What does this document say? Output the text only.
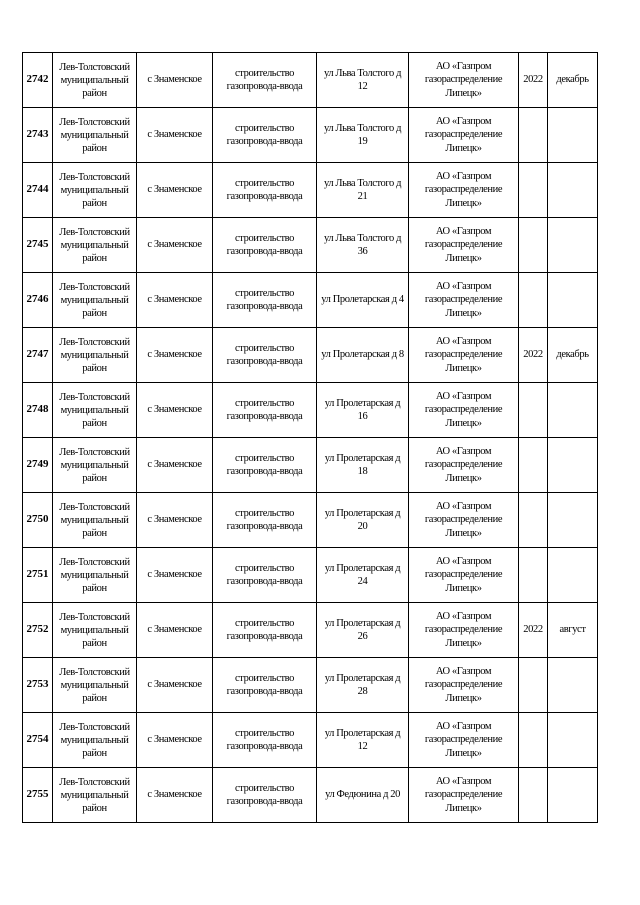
2742	Лев-Толстовский муниципальный район	с Знаменское	строительство газопровода-ввода	ул Льва Толстого д 12	АО «Газпром газораспределение Липецк»	2022	декабрь
2743	Лев-Толстовский муниципальный район	с Знаменское	строительство газопровода-ввода	ул Льва Толстого д 19	АО «Газпром газораспределение Липецк»		
2744	Лев-Толстовский муниципальный район	с Знаменское	строительство газопровода-ввода	ул Льва Толстого д 21	АО «Газпром газораспределение Липецк»		
2745	Лев-Толстовский муниципальный район	с Знаменское	строительство газопровода-ввода	ул Льва Толстого д 36	АО «Газпром газораспределение Липецк»		
2746	Лев-Толстовский муниципальный район	с Знаменское	строительство газопровода-ввода	ул Пролетарская д 4	АО «Газпром газораспределение Липецк»		
2747	Лев-Толстовский муниципальный район	с Знаменское	строительство газопровода-ввода	ул Пролетарская д 8	АО «Газпром газораспределение Липецк»	2022	декабрь
2748	Лев-Толстовский муниципальный район	с Знаменское	строительство газопровода-ввода	ул Пролетарская д 16	АО «Газпром газораспределение Липецк»		
2749	Лев-Толстовский муниципальный район	с Знаменское	строительство газопровода-ввода	ул Пролетарская д 18	АО «Газпром газораспределение Липецк»		
2750	Лев-Толстовский муниципальный район	с Знаменское	строительство газопровода-ввода	ул Пролетарская д 20	АО «Газпром газораспределение Липецк»		
2751	Лев-Толстовский муниципальный район	с Знаменское	строительство газопровода-ввода	ул Пролетарская д 24	АО «Газпром газораспределение Липецк»		
2752	Лев-Толстовский муниципальный район	с Знаменское	строительство газопровода-ввода	ул Пролетарская д 26	АО «Газпром газораспределение Липецк»	2022	август
2753	Лев-Толстовский муниципальный район	с Знаменское	строительство газопровода-ввода	ул Пролетарская д 28	АО «Газпром газораспределение Липецк»		
2754	Лев-Толстовский муниципальный район	с Знаменское	строительство газопровода-ввода	ул Пролетарская д 12	АО «Газпром газораспределение Липецк»		
2755	Лев-Толстовский муниципальный район	с Знаменское	строительство газопровода-ввода	ул Федюнина д 20	АО «Газпром газораспределение Липецк»		
